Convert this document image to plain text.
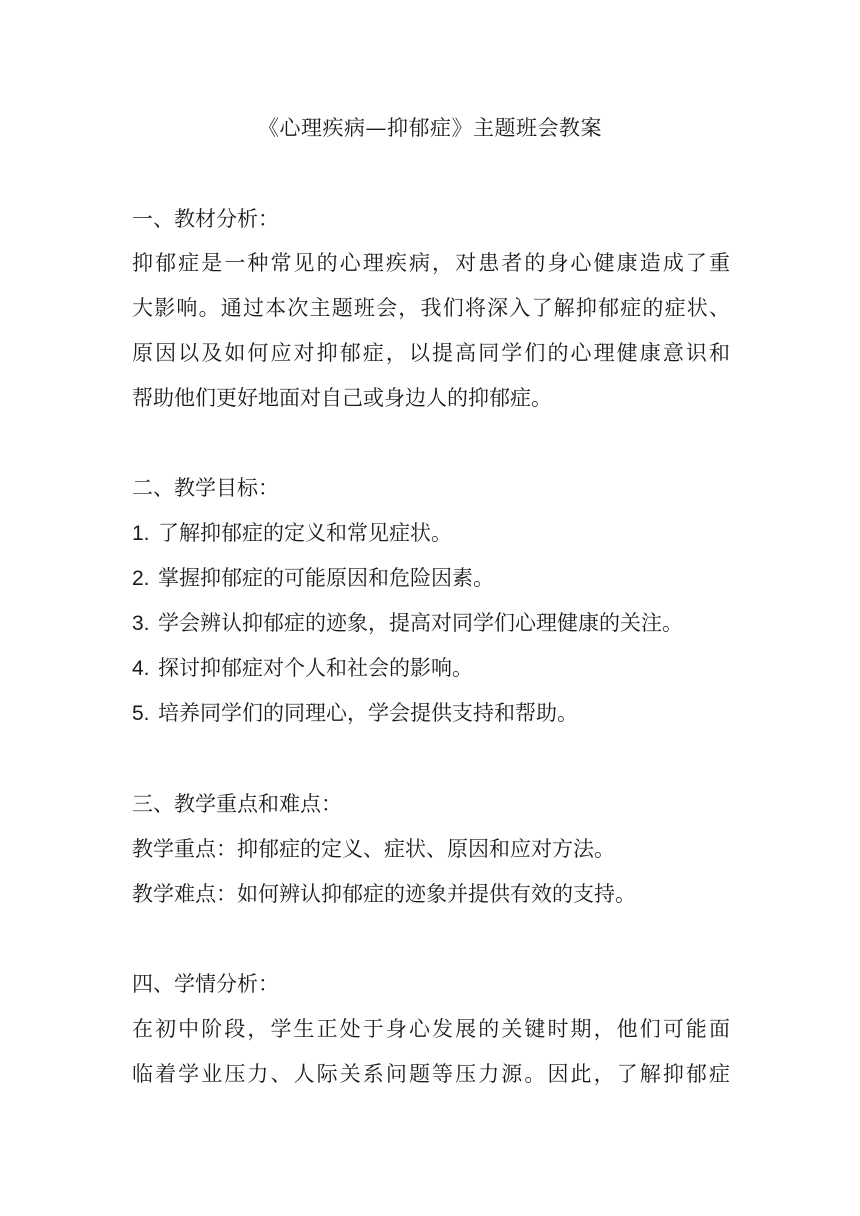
《心理疾病—抑郁症》主题班会教案
一、教材分析：
抑郁症是一种常见的心理疾病，对患者的身心健康造成了重
大影响。通过本次主题班会，我们将深入了解抑郁症的症状、
原因以及如何应对抑郁症，以提高同学们的心理健康意识和
帮助他们更好地面对自己或身边人的抑郁症。
二、教学目标：
1. 了解抑郁症的定义和常见症状。
2. 掌握抑郁症的可能原因和危险因素。
3. 学会辨认抑郁症的迹象，提高对同学们心理健康的关注。
4. 探讨抑郁症对个人和社会的影响。
5. 培养同学们的同理心，学会提供支持和帮助。
三、教学重点和难点：
教学重点：抑郁症的定义、症状、原因和应对方法。
教学难点：如何辨认抑郁症的迹象并提供有效的支持。
四、学情分析：
在初中阶段，学生正处于身心发展的关键时期，他们可能面
临着学业压力、人际关系问题等压力源。因此，了解抑郁症
